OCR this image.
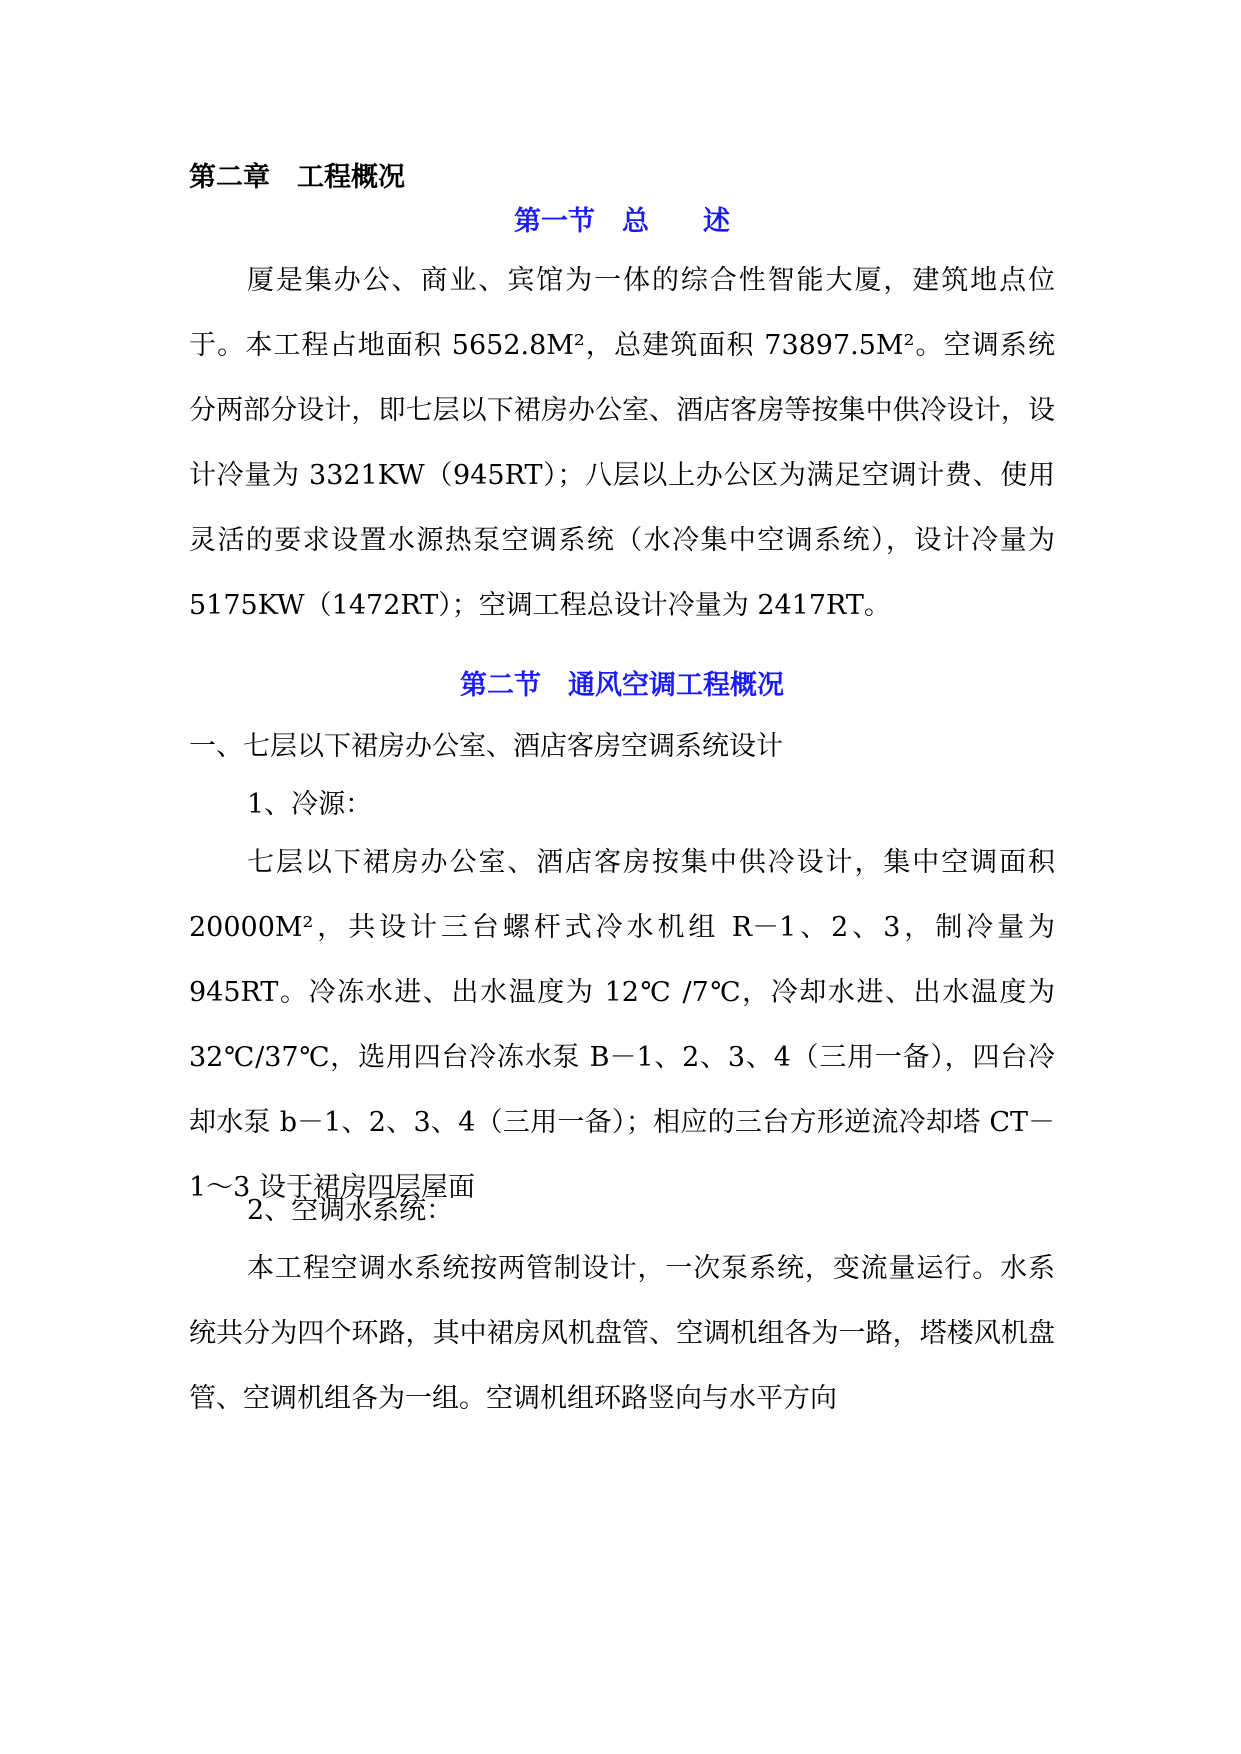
第二章　工程概况
第一节　总　　述

厦是集办公、商业、宾馆为一体的综合性智能大厦，建筑地点位于。本工程占地面积 5652.8M²，总建筑面积 73897.5M²。空调系统分两部分设计，即七层以下裙房办公室、酒店客房等按集中供冷设计，设计冷量为 3321KW（945RT）；八层以上办公区为满足空调计费、使用灵活的要求设置水源热泵空调系统（水冷集中空调系统），设计冷量为 5175KW（1472RT）；空调工程总设计冷量为 2417RT。

第二节　通风空调工程概况

一、七层以下裙房办公室、酒店客房空调系统设计

1、冷源：

七层以下裙房办公室、酒店客房按集中供冷设计，集中空调面积 20000M²，共设计三台螺杆式冷水机组 R－1、2、3，制冷量为 945RT。冷冻水进、出水温度为 12℃ /7℃，冷却水进、出水温度为 32℃/37℃，选用四台冷冻水泵 B－1、2、3、4（三用一备），四台冷却水泵 b－1、2、3、4（三用一备）；相应的三台方形逆流冷却塔 CT－1～3 设于裙房四层屋面

2、空调水系统：

本工程空调水系统按两管制设计，一次泵系统，变流量运行。水系统共分为四个环路，其中裙房风机盘管、空调机组各为一路，塔楼风机盘管、空调机组各为一组。空调机组环路竖向与水平方向
